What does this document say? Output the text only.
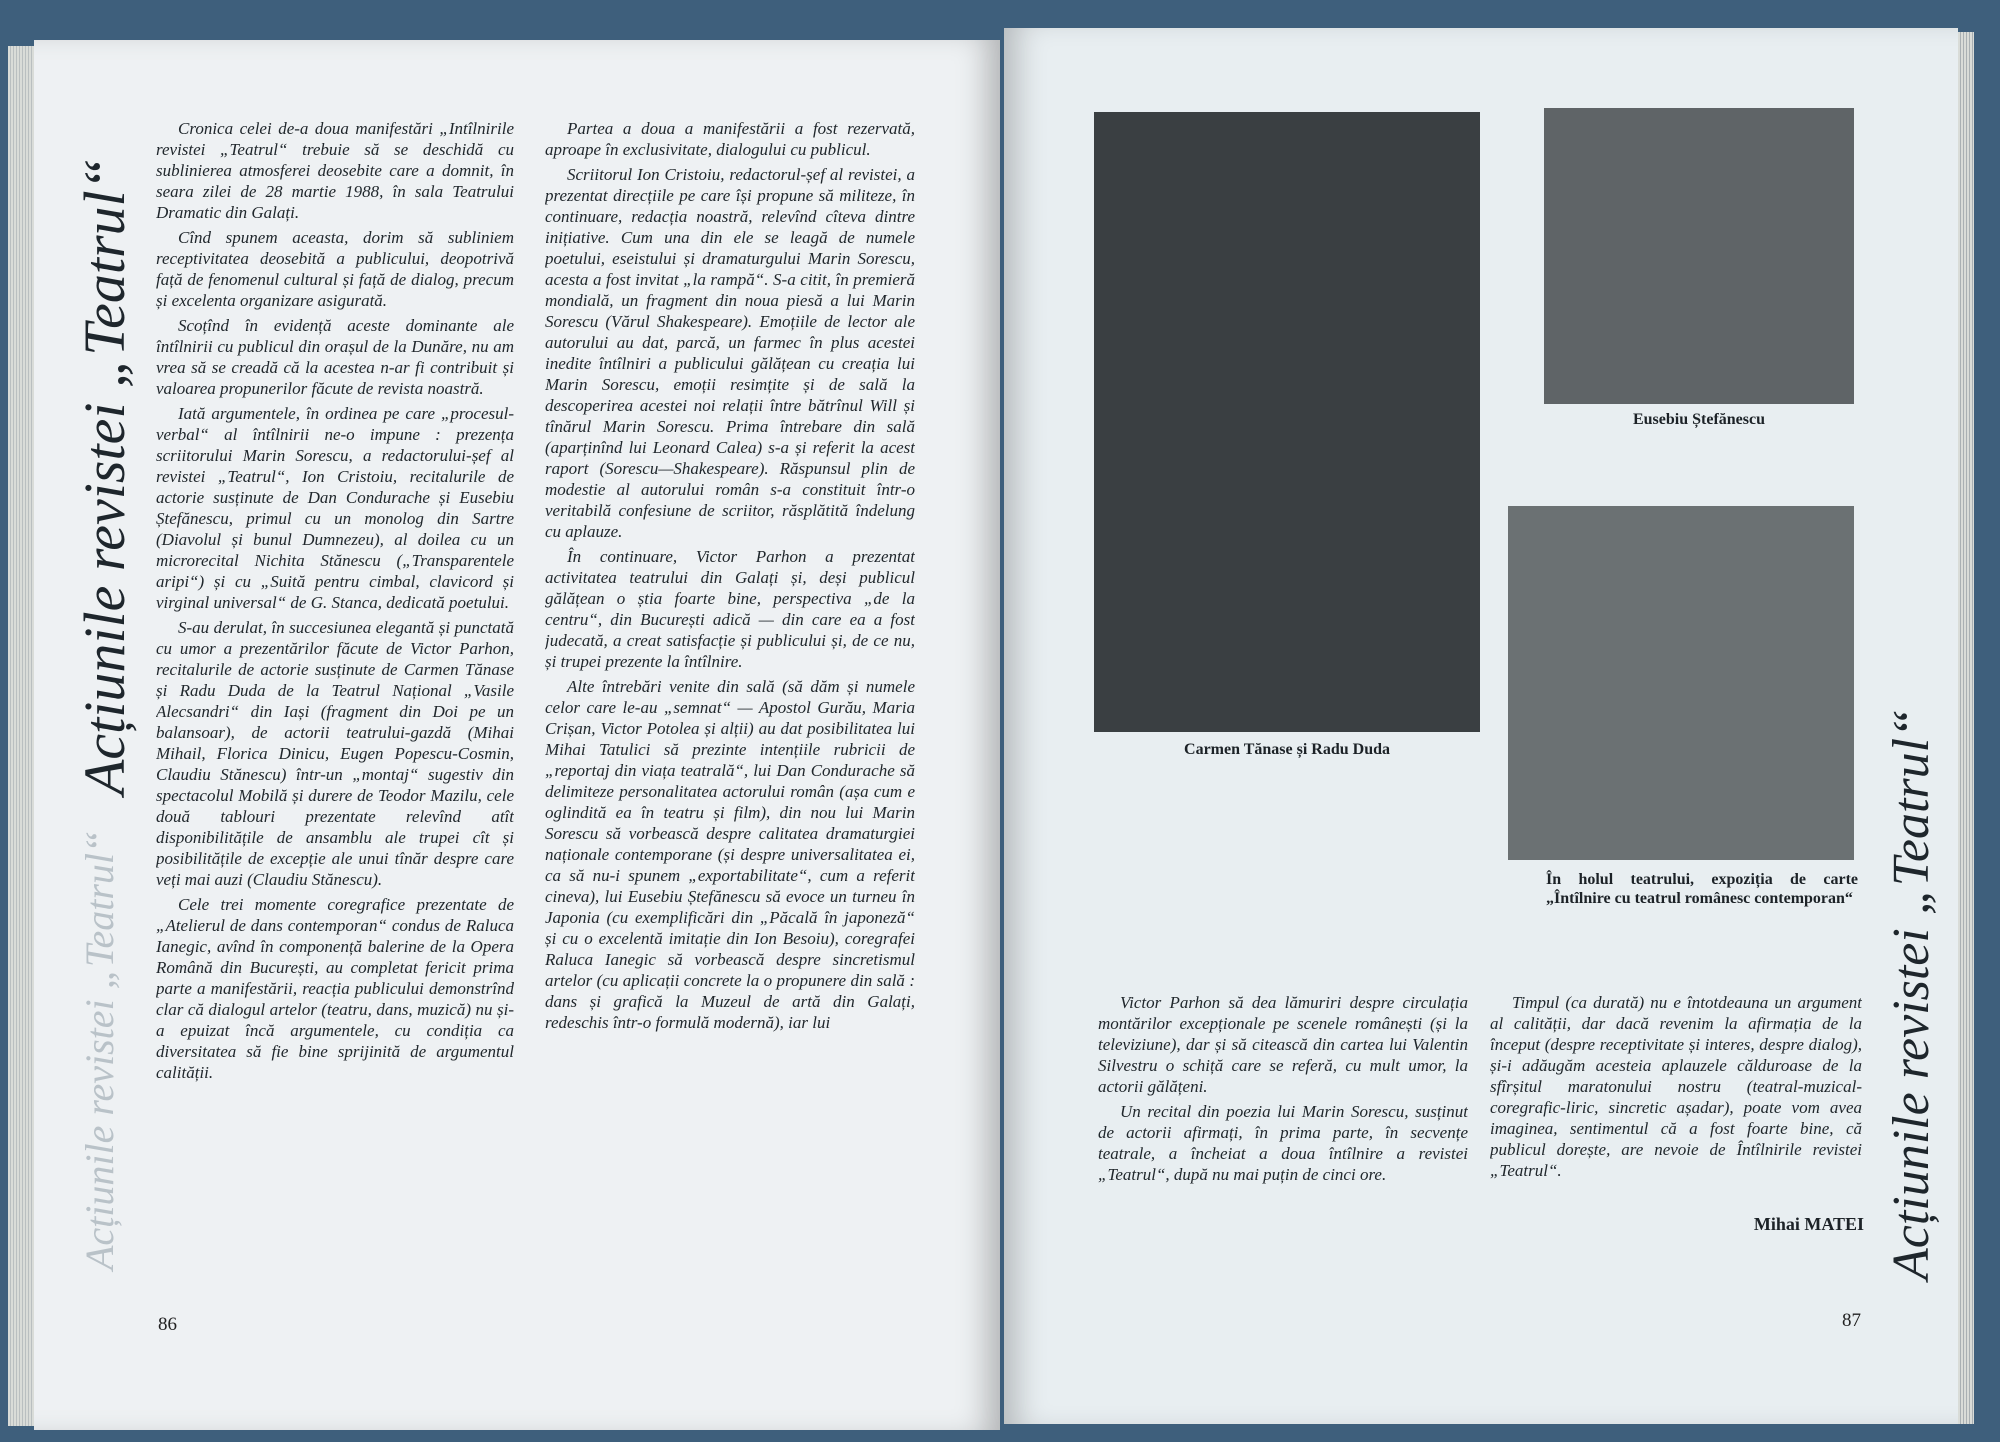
Acțiunile revistei „Teatrul“
Acțiunile revistei „Teatrul“

Cronica celei de-a doua manifestări „Intîlnirile revistei „Teatrul“ trebuie să se deschidă cu sublinierea atmosferei deosebite care a domnit, în seara zilei de 28 martie 1988, în sala Teatrului Dramatic din Galați.

Cînd spunem aceasta, dorim să subliniem receptivitatea deosebită a publicului, deopotrivă față de fenomenul cultural și față de dialog, precum și excelenta organizare asigurată.

Scoțînd în evidență aceste dominante ale întîlnirii cu publicul din orașul de la Dunăre, nu am vrea să se creadă că la acestea n-ar fi contribuit și valoarea propunerilor făcute de revista noastră.

Iată argumentele, în ordinea pe care „procesul-verbal“ al întîlnirii ne-o impune : prezența scriitorului Marin Sorescu, a redactorului-șef al revistei „Teatrul“, Ion Cristoiu, recitalurile de actorie susținute de Dan Condurache și Eusebiu Ștefănescu, primul cu un monolog din Sartre (Diavolul și bunul Dumnezeu), al doilea cu un microrecital Nichita Stănescu („Transparentele aripi“) și cu „Suită pentru cimbal, clavicord și virginal universal“ de G. Stanca, dedicată poetului.

S-au derulat, în succesiunea elegantă și punctată cu umor a prezentărilor făcute de Victor Parhon, recitalurile de actorie susținute de Carmen Tănase și Radu Duda de la Teatrul Național „Vasile Alecsandri“ din Iași (fragment din Doi pe un balansoar), de actorii teatrului-gazdă (Mihai Mihail, Florica Dinicu, Eugen Popescu-Cosmin, Claudiu Stănescu) într-un „montaj“ sugestiv din spectacolul Mobilă și durere de Teodor Mazilu, cele două tablouri prezentate relevînd atît disponibilitățile de ansamblu ale trupei cît și posibilitățile de excepție ale unui tînăr despre care veți mai auzi (Claudiu Stănescu).

Cele trei momente coregrafice prezentate de „Atelierul de dans contemporan“ condus de Raluca Ianegic, avînd în componență balerine de la Opera Română din București, au completat fericit prima parte a manifestării, reacția publicului demonstrînd clar că dialogul artelor (teatru, dans, muzică) nu și-a epuizat încă argumentele, cu condiția ca diversitatea să fie bine sprijinită de argumentul calității.

Partea a doua a manifestării a fost rezervată, aproape în exclusivitate, dialogului cu publicul.

Scriitorul Ion Cristoiu, redactorul-șef al revistei, a prezentat direcțiile pe care își propune să militeze, în continuare, redacția noastră, relevînd cîteva dintre inițiative. Cum una din ele se leagă de numele poetului, eseistului și dramaturgului Marin Sorescu, acesta a fost invitat „la rampă“. S-a citit, în premieră mondială, un fragment din noua piesă a lui Marin Sorescu (Vărul Shakespeare). Emoțiile de lector ale autorului au dat, parcă, un farmec în plus acestei inedite întîlniri a publicului gălățean cu creația lui Marin Sorescu, emoții resimțite și de sală la descoperirea acestei noi relații între bătrînul Will și tînărul Marin Sorescu. Prima întrebare din sală (aparținînd lui Leonard Calea) s-a și referit la acest raport (Sorescu—Shakespeare). Răspunsul plin de modestie al autorului român s-a constituit într-o veritabilă confesiune de scriitor, răsplătită îndelung cu aplauze.

În continuare, Victor Parhon a prezentat activitatea teatrului din Galați și, deși publicul gălățean o știa foarte bine, perspectiva „de la centru“, din București adică — din care ea a fost judecată, a creat satisfacție și publicului și, de ce nu, și trupei prezente la întîlnire.

Alte întrebări venite din sală (să dăm și numele celor care le-au „semnat“ — Apostol Gurău, Maria Crișan, Victor Potolea și alții) au dat posibilitatea lui Mihai Tatulici să prezinte intențiile rubricii de „reportaj din viața teatrală“, lui Dan Condurache să delimiteze personalitatea actorului român (așa cum e oglindită ea în teatru și film), din nou lui Marin Sorescu să vorbească despre calitatea dramaturgiei naționale contemporane (și despre universalitatea ei, ca să nu-i spunem „exportabilitate“, cum a referit cineva), lui Eusebiu Ștefănescu să evoce un turneu în Japonia (cu exemplificări din „Păcală în japoneză“ și cu o excelentă imitație din Ion Besoiu), coregrafei Raluca Ianegic să vorbească despre sincretismul artelor (cu aplicații concrete la o propunere din sală : dans și grafică la Muzeul de artă din Galați, redeschis într-o formulă modernă), iar lui

86
Carmen Tănase și Radu Duda
Eusebiu Ștefănescu
În holul teatrului, expoziția de carte „Întîlnire cu teatrul românesc contemporan“ Acțiunile revistei „Teatrul“

Victor Parhon să dea lămuriri despre circulația montărilor excepționale pe scenele românești (și la televiziune), dar și să citească din cartea lui Valentin Silvestru o schiță care se referă, cu mult umor, la actorii gălățeni.

Un recital din poezia lui Marin Sorescu, susținut de actorii afirmați, în prima parte, în secvențe teatrale, a încheiat a doua întîlnire a revistei „Teatrul“, după nu mai puțin de cinci ore.

Timpul (ca durată) nu e întotdeauna un argument al calității, dar dacă revenim la afirmația de la început (despre receptivitate și interes, despre dialog), și-i adăugăm acesteia aplauzele călduroase de la sfîrșitul maratonului nostru (teatral-muzical-coregrafic-liric, sincretic așadar), poate vom avea imaginea, sentimentul că a fost foarte bine, că publicul dorește, are nevoie de Întîlnirile revistei „Teatrul“.

Mihai MATEI
87
